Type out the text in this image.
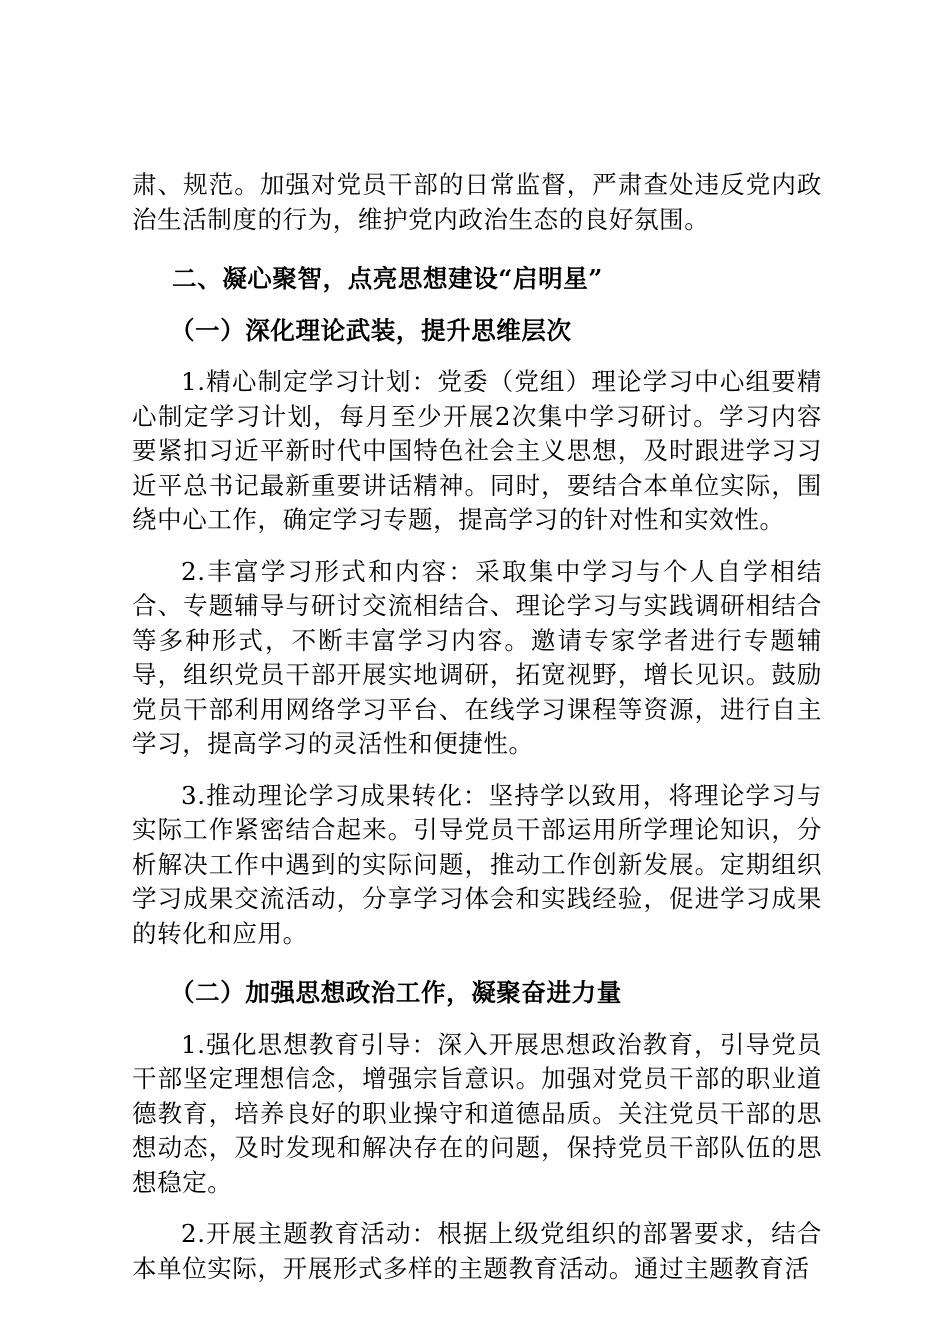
肃、规范。加强对党员干部的日常监督，严肃查处违反党内政治生活制度的行为，维护党内政治生态的良好氛围。

二、凝心聚智，点亮思想建设“启明星”

（一）深化理论武装，提升思维层次

1.精心制定学习计划：党委（党组）理论学习中心组要精心制定学习计划，每月至少开展2次集中学习研讨。学习内容要紧扣习近平新时代中国特色社会主义思想，及时跟进学习习近平总书记最新重要讲话精神。同时，要结合本单位实际，围绕中心工作，确定学习专题，提高学习的针对性和实效性。

2.丰富学习形式和内容：采取集中学习与个人自学相结合、专题辅导与研讨交流相结合、理论学习与实践调研相结合等多种形式，不断丰富学习内容。邀请专家学者进行专题辅导，组织党员干部开展实地调研，拓宽视野，增长见识。鼓励党员干部利用网络学习平台、在线学习课程等资源，进行自主学习，提高学习的灵活性和便捷性。

3.推动理论学习成果转化：坚持学以致用，将理论学习与实际工作紧密结合起来。引导党员干部运用所学理论知识，分析解决工作中遇到的实际问题，推动工作创新发展。定期组织学习成果交流活动，分享学习体会和实践经验，促进学习成果的转化和应用。

（二）加强思想政治工作，凝聚奋进力量

1.强化思想教育引导：深入开展思想政治教育，引导党员干部坚定理想信念，增强宗旨意识。加强对党员干部的职业道德教育，培养良好的职业操守和道德品质。关注党员干部的思想动态，及时发现和解决存在的问题，保持党员干部队伍的思想稳定。

2.开展主题教育活动：根据上级党组织的部署要求，结合本单位实际，开展形式多样的主题教育活动。通过主题教育活
